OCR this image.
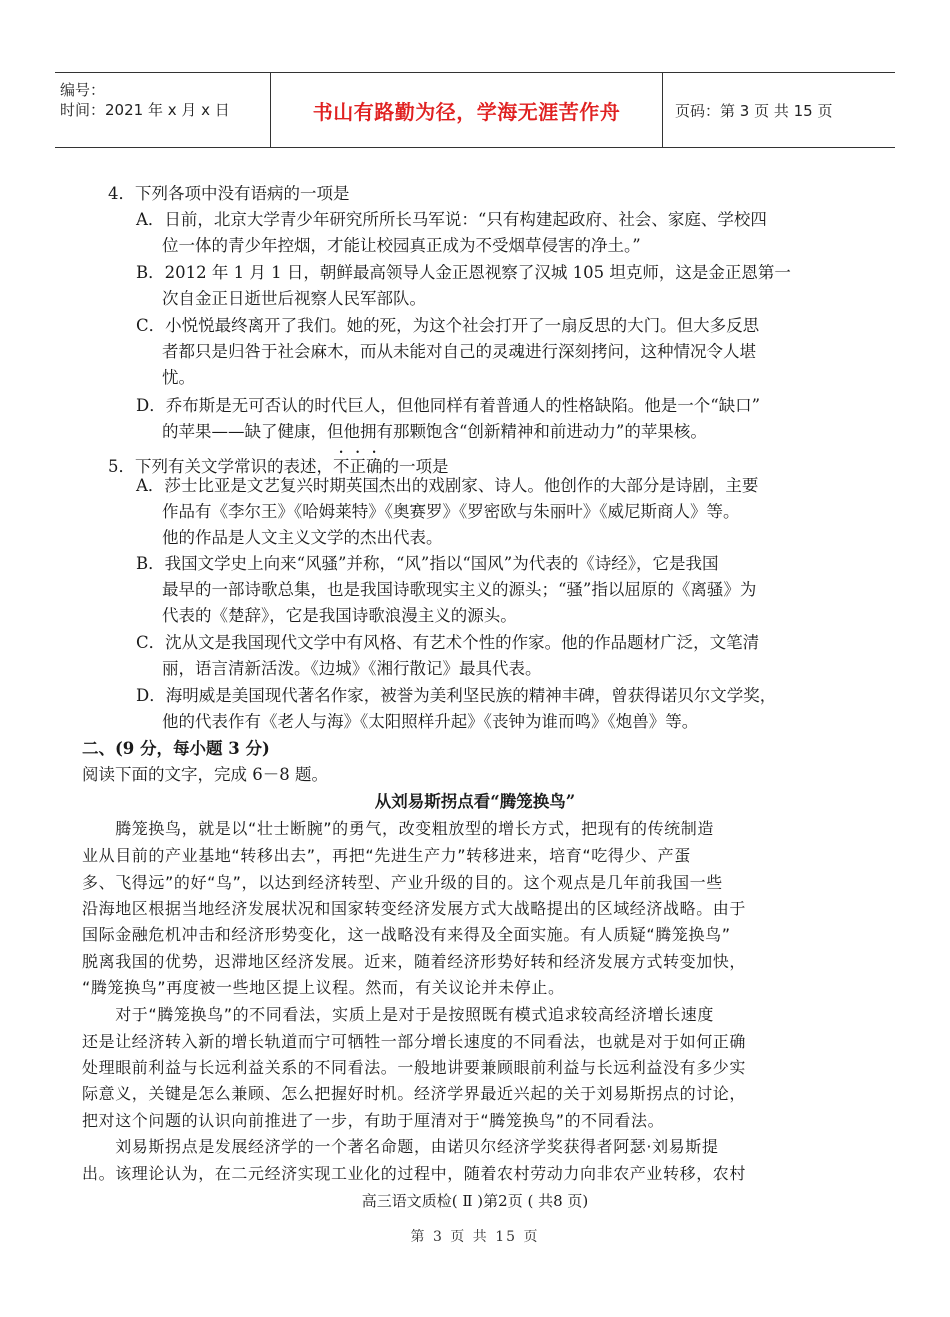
编号：
时间：2021 年 x 月 x 日	书山有路勤为径，学海无涯苦作舟	页码：第 3 页 共 15 页
4．下列各项中没有语病的一项是
A．日前，北京大学青少年研究所所长马军说：“只有构建起政府、社会、家庭、学校四
位一体的青少年控烟，才能让校园真正成为不受烟草侵害的净土。”
B．2012 年 1 月 1 日，朝鲜最高领导人金正恩视察了汉城 105 坦克师，这是金正恩第一
次自金正日逝世后视察人民军部队。
C．小悦悦最终离开了我们。她的死，为这个社会打开了一扇反思的大门。但大多反思
者都只是归咎于社会麻木，而从未能对自己的灵魂进行深刻拷问，这种情况令人堪
忧。
D．乔布斯是无可否认的时代巨人，但他同样有着普通人的性格缺陷。他是一个“缺口”
的苹果——缺了健康，但他拥有那颗饱含“创新精神和前进动力”的苹果核。
5．下列有关文学常识的表述，不正确的一项是
A．莎士比亚是文艺复兴时期英国杰出的戏剧家、诗人。他创作的大部分是诗剧，主要
作品有《李尔王》《哈姆莱特》《奥赛罗》《罗密欧与朱丽叶》《威尼斯商人》等。
他的作品是人文主义文学的杰出代表。
B．我国文学史上向来“风骚”并称，“风”指以“国风”为代表的《诗经》，它是我国
最早的一部诗歌总集，也是我国诗歌现实主义的源头；“骚”指以屈原的《离骚》为
代表的《楚辞》，它是我国诗歌浪漫主义的源头。
C．沈从文是我国现代文学中有风格、有艺术个性的作家。他的作品题材广泛，文笔清
丽，语言清新活泼。《边城》《湘行散记》最具代表。
D．海明威是美国现代著名作家，被誉为美利坚民族的精神丰碑，曾获得诺贝尔文学奖，
他的代表作有《老人与海》《太阳照样升起》《丧钟为谁而鸣》《炮兽》等。
二、(9 分，每小题 3 分)
阅读下面的文字，完成 6－8 题。
从刘易斯拐点看“腾笼换鸟”
　　腾笼换鸟，就是以“壮士断腕”的勇气，改变粗放型的增长方式，把现有的传统制造
业从目前的产业基地“转移出去”，再把“先进生产力”转移进来，培育“吃得少、产蛋
多、飞得远”的好“鸟”，以达到经济转型、产业升级的目的。这个观点是几年前我国一些
沿海地区根据当地经济发展状况和国家转变经济发展方式大战略提出的区域经济战略。由于
国际金融危机冲击和经济形势变化，这一战略没有来得及全面实施。有人质疑“腾笼换鸟”
脱离我国的优势，迟滞地区经济发展。近来，随着经济形势好转和经济发展方式转变加快，
“腾笼换鸟”再度被一些地区提上议程。然而，有关议论并未停止。
　　对于“腾笼换鸟”的不同看法，实质上是对于是按照既有模式追求较高经济增长速度
还是让经济转入新的增长轨道而宁可牺牲一部分增长速度的不同看法，也就是对于如何正确
处理眼前利益与长远利益关系的不同看法。一般地讲要兼顾眼前利益与长远利益没有多少实
际意义，关键是怎么兼顾、怎么把握好时机。经济学界最近兴起的关于刘易斯拐点的讨论，
把对这个问题的认识向前推进了一步，有助于厘清对于“腾笼换鸟”的不同看法。
　　刘易斯拐点是发展经济学的一个著名命题，由诺贝尔经济学奖获得者阿瑟·刘易斯提
出。该理论认为，在二元经济实现工业化的过程中，随着农村劳动力向非农产业转移，农村
高三语文质检( Ⅱ )第2页 ( 共8 页)
第 3 页 共 15 页
